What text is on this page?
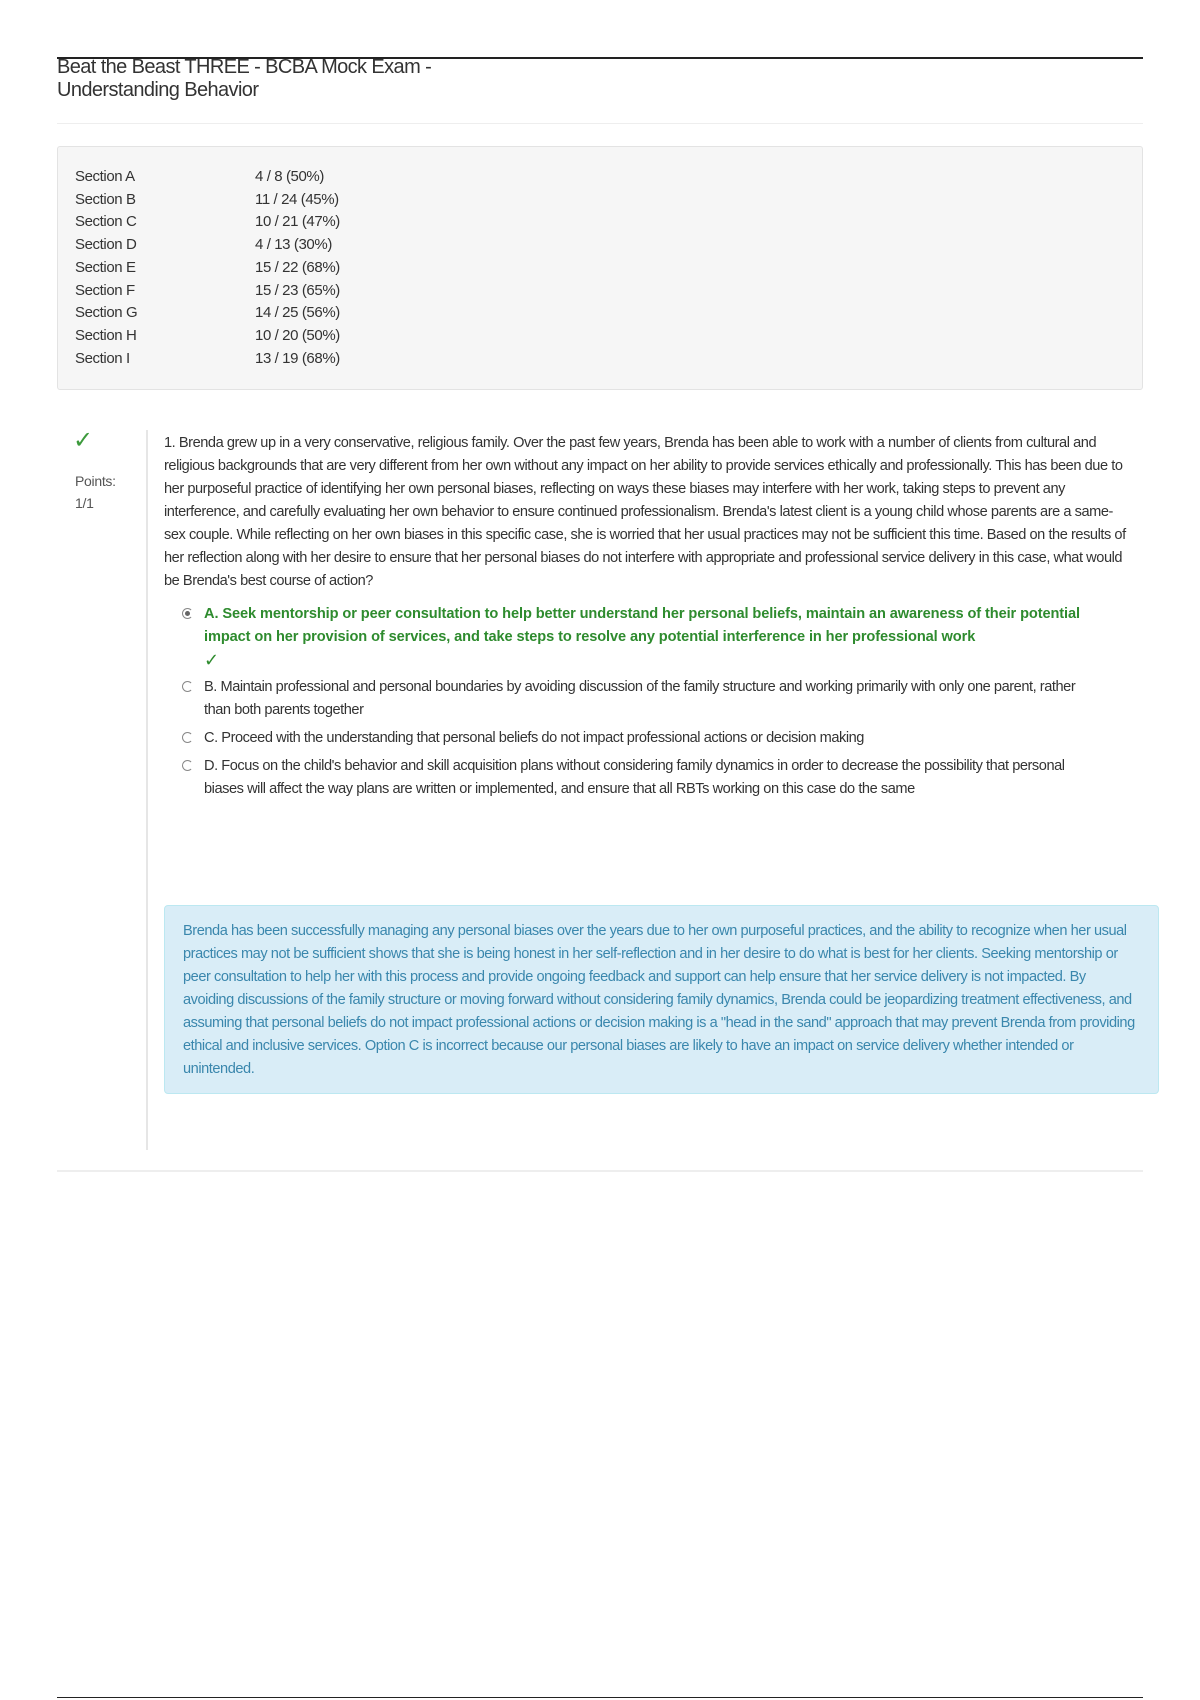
Beat the Beast THREE - BCBA Mock Exam -
Understanding Behavior
Section A	4 / 8 (50%)
Section B	11 / 24 (45%)
Section C	10 / 21 (47%)
Section D	4 / 13 (30%)
Section E	15 / 22 (68%)
Section F	15 / 23 (65%)
Section G	14 / 25 (56%)
Section H	10 / 20 (50%)
Section I	13 / 19 (68%)
✓
Points:
1/1

1. Brenda grew up in a very conservative, religious family. Over the past few years, Brenda has been able to work with a number of clients from cultural and religious backgrounds that are very different from her own without any impact on her ability to provide services ethically and professionally. This has been due to her purposeful practice of identifying her own personal biases, reflecting on ways these biases may interfere with her work, taking steps to prevent any interference, and carefully evaluating her own behavior to ensure continued professionalism. Brenda's latest client is a young child whose parents are a same-sex couple. While reflecting on her own biases in this specific case, she is worried that her usual practices may not be sufficient this time. Based on the results of her reflection along with her desire to ensure that her personal biases do not interfere with appropriate and professional service delivery in this case, what would be Brenda's best course of action?

A. Seek mentorship or peer consultation to help better understand her personal beliefs, maintain an awareness of their potential impact on her provision of services, and take steps to resolve any potential interference in her professional work
✓
B. Maintain professional and personal boundaries by avoiding discussion of the family structure and working primarily with only one parent, rather than both parents together
C. Proceed with the understanding that personal beliefs do not impact professional actions or decision making
D. Focus on the child's behavior and skill acquisition plans without considering family dynamics in order to decrease the possibility that personal biases will affect the way plans are written or implemented, and ensure that all RBTs working on this case do the same
Brenda has been successfully managing any personal biases over the years due to her own purposeful practices, and the ability to recognize when her usual practices may not be sufficient shows that she is being honest in her self-reflection and in her desire to do what is best for her clients. Seeking mentorship or peer consultation to help her with this process and provide ongoing feedback and support can help ensure that her service delivery is not impacted. By avoiding discussions of the family structure or moving forward without considering family dynamics, Brenda could be jeopardizing treatment effectiveness, and assuming that personal beliefs do not impact professional actions or decision making is a "head in the sand" approach that may prevent Brenda from providing ethical and inclusive services. Option C is incorrect because our personal biases are likely to have an impact on service delivery whether intended or unintended.
